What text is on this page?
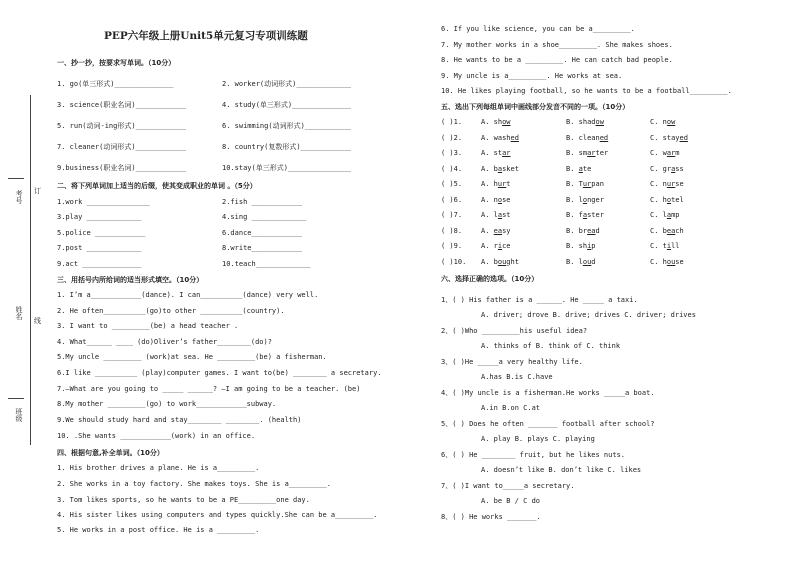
考号 订
姓名
线
班级
PEP六年级上册Unit5单元复习专项训练题
一、抄一抄，按要求写单词。（10分）
1. go(单三形式)______________	2. worker(动词形式)_____________
3. science(职业名词)____________	4. study(单三形式)______________
5. run(动词-ing形式)____________	6. swimming(动词形式)___________
7. cleaner(动词形式)____________	8. country(复数形式)____________
9.business(职业名词)____________	10.stay(单三形式)_______________
二、将下列单词加上适当的后缀，使其变成职业的单词 。（5分）
1.work _______________	2.fish ____________
3.play _____________	4.sing _____________
5.police ____________	6.dance____________
7.post _____________	8.write____________
9.act ______________	10.teach_____________
三、用括号内所给词的适当形式填空。（10分）
1. I’m a____________(dance). I can__________(dance) very well.
2. He often__________(go)to other __________(country).
3. I want to _________(be) a head teacher .
4. What______ ____ (do)Oliver’s father________(do)?
5.My uncle _________ (work)at sea. He _________(be) a fisherman.
6.I like __________ (play)computer games. I want to(be) ________ a secretary.
7.—What are you going to _____ ______? —I am going to be a teacher. (be)
8.My mother _________(go) to work____________subway.
9.We should study hard and stay________ ________. (health)
10. .She wants ____________(work) in an office.
四、根据句意,补全单词。（10分）
1. His brother drives a plane. He is a_________.
2. She works in a toy factory. She makes toys. She is a_________.
3. Tom likes sports, so he wants to be a PE_________one day.
4. His sister likes using computers and types quickly.She can be a_________.
5. He works in a post office. He is a _________.
6. If you like science, you can be a_________.
7. My mother works in a shoe_________. She makes shoes.
8. He wants to be a _________. He can catch bad people.
9. My uncle is a_________. He works at sea.
10. He likes playing football, so he wants to be a football_________.
五、选出下列每组单词中画线部分发音不同的一项。（10分）
( )1.	A. show	B. shadow	C. now
( )2.	A. washed	B. cleaned	C. stayed
( )3.	A. star	B. smarter	C. warm
( )4.	A. basket	B. ate	C. grass
( )5.	A. hurt	B. Turpan	C. nurse
( )6.	A. nose	B. longer	C. hotel
( )7.	A. last	B. faster	C. lamp
( )8.	A. easy	B. bread	C. beach
( )9.	A. rice	B. ship	C. till
( )10. A. bought	B. loud	C. house
六、选择正确的选项。（10分）
1、( ) His father is a ______. He _____ a taxi.
A. driver; drove B. drive; drives C. driver; drives
2、( )Who _________his useful idea?
A. thinks of B. think of C. think
3、( )He _____a very healthy life.
A.has B.is C.have
4、( )My uncle is a fisherman.He works _____a boat.
A.in B.on C.at
5、( ) Does he often _______ football after school?
A. play B. plays C. playing
6、( ) He ________ fruit, but he likes nuts.
A. doesn’t like B. don’t like C. likes
7、( )I want to_____a secretary.
A. be B / C do
8、( ) He works _______.
